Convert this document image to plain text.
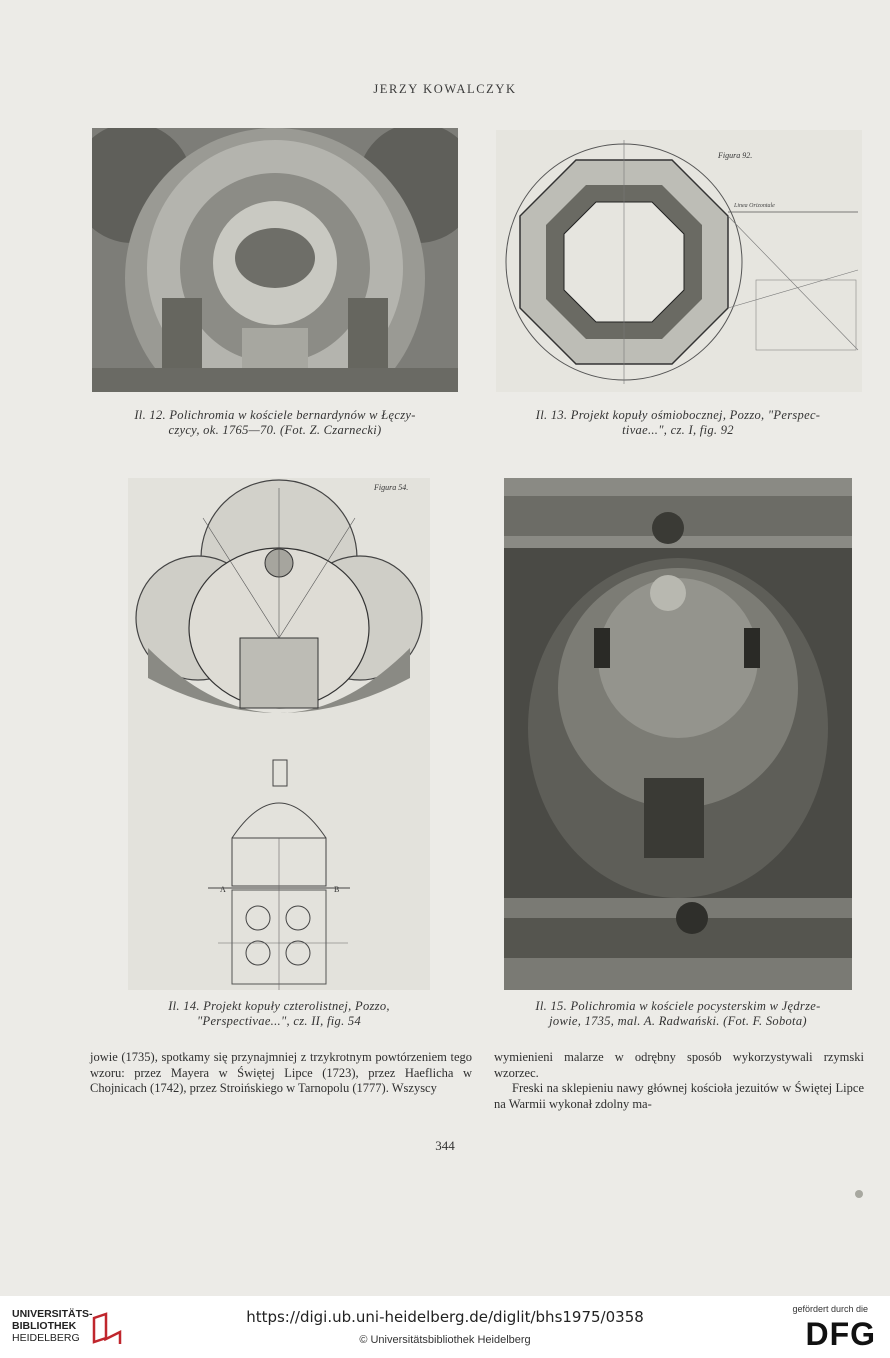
JERZY KOWALCZYK
Il. 12. Polichromia w kościele bernardynów w Łęczy-
czycy, ok. 1765—70. (Fot. Z. Czarnecki)
Figura 92.
Linea Orizontale
Il. 13. Projekt kopuły ośmiobocznej, Pozzo, "Perspec-
tivae...", cz. I, fig. 92
Figura 54.
A	B
Il. 14. Projekt kopuły czterolistnej, Pozzo,
"Perspectivae...", cz. II, fig. 54
Il. 15. Polichromia w kościele pocysterskim w Jędrze-
jowie, 1735, mal. A. Radwański. (Fot. F. Sobota)

jowie (1735), spotkamy się przynajmniej z trzykrotnym powtórzeniem tego wzoru: przez Mayera w Świętej Lipce (1723), przez Haeflicha w Chojnicach (1742), przez Stroińskiego w Tarnopolu (1777). Wszyscy

wymienieni malarze w odrębny sposób wykorzystywali rzymski wzorzec.

Freski na sklepieniu nawy głównej kościoła jezuitów w Świętej Lipce na Warmii wykonał zdolny ma-

344
UNIVERSITÄTS-
BIBLIOTHEK
HEIDELBERG
https://digi.ub.uni-heidelberg.de/diglit/bhs1975/0358
© Universitätsbibliothek Heidelberg
gefördert durch die
DFG
